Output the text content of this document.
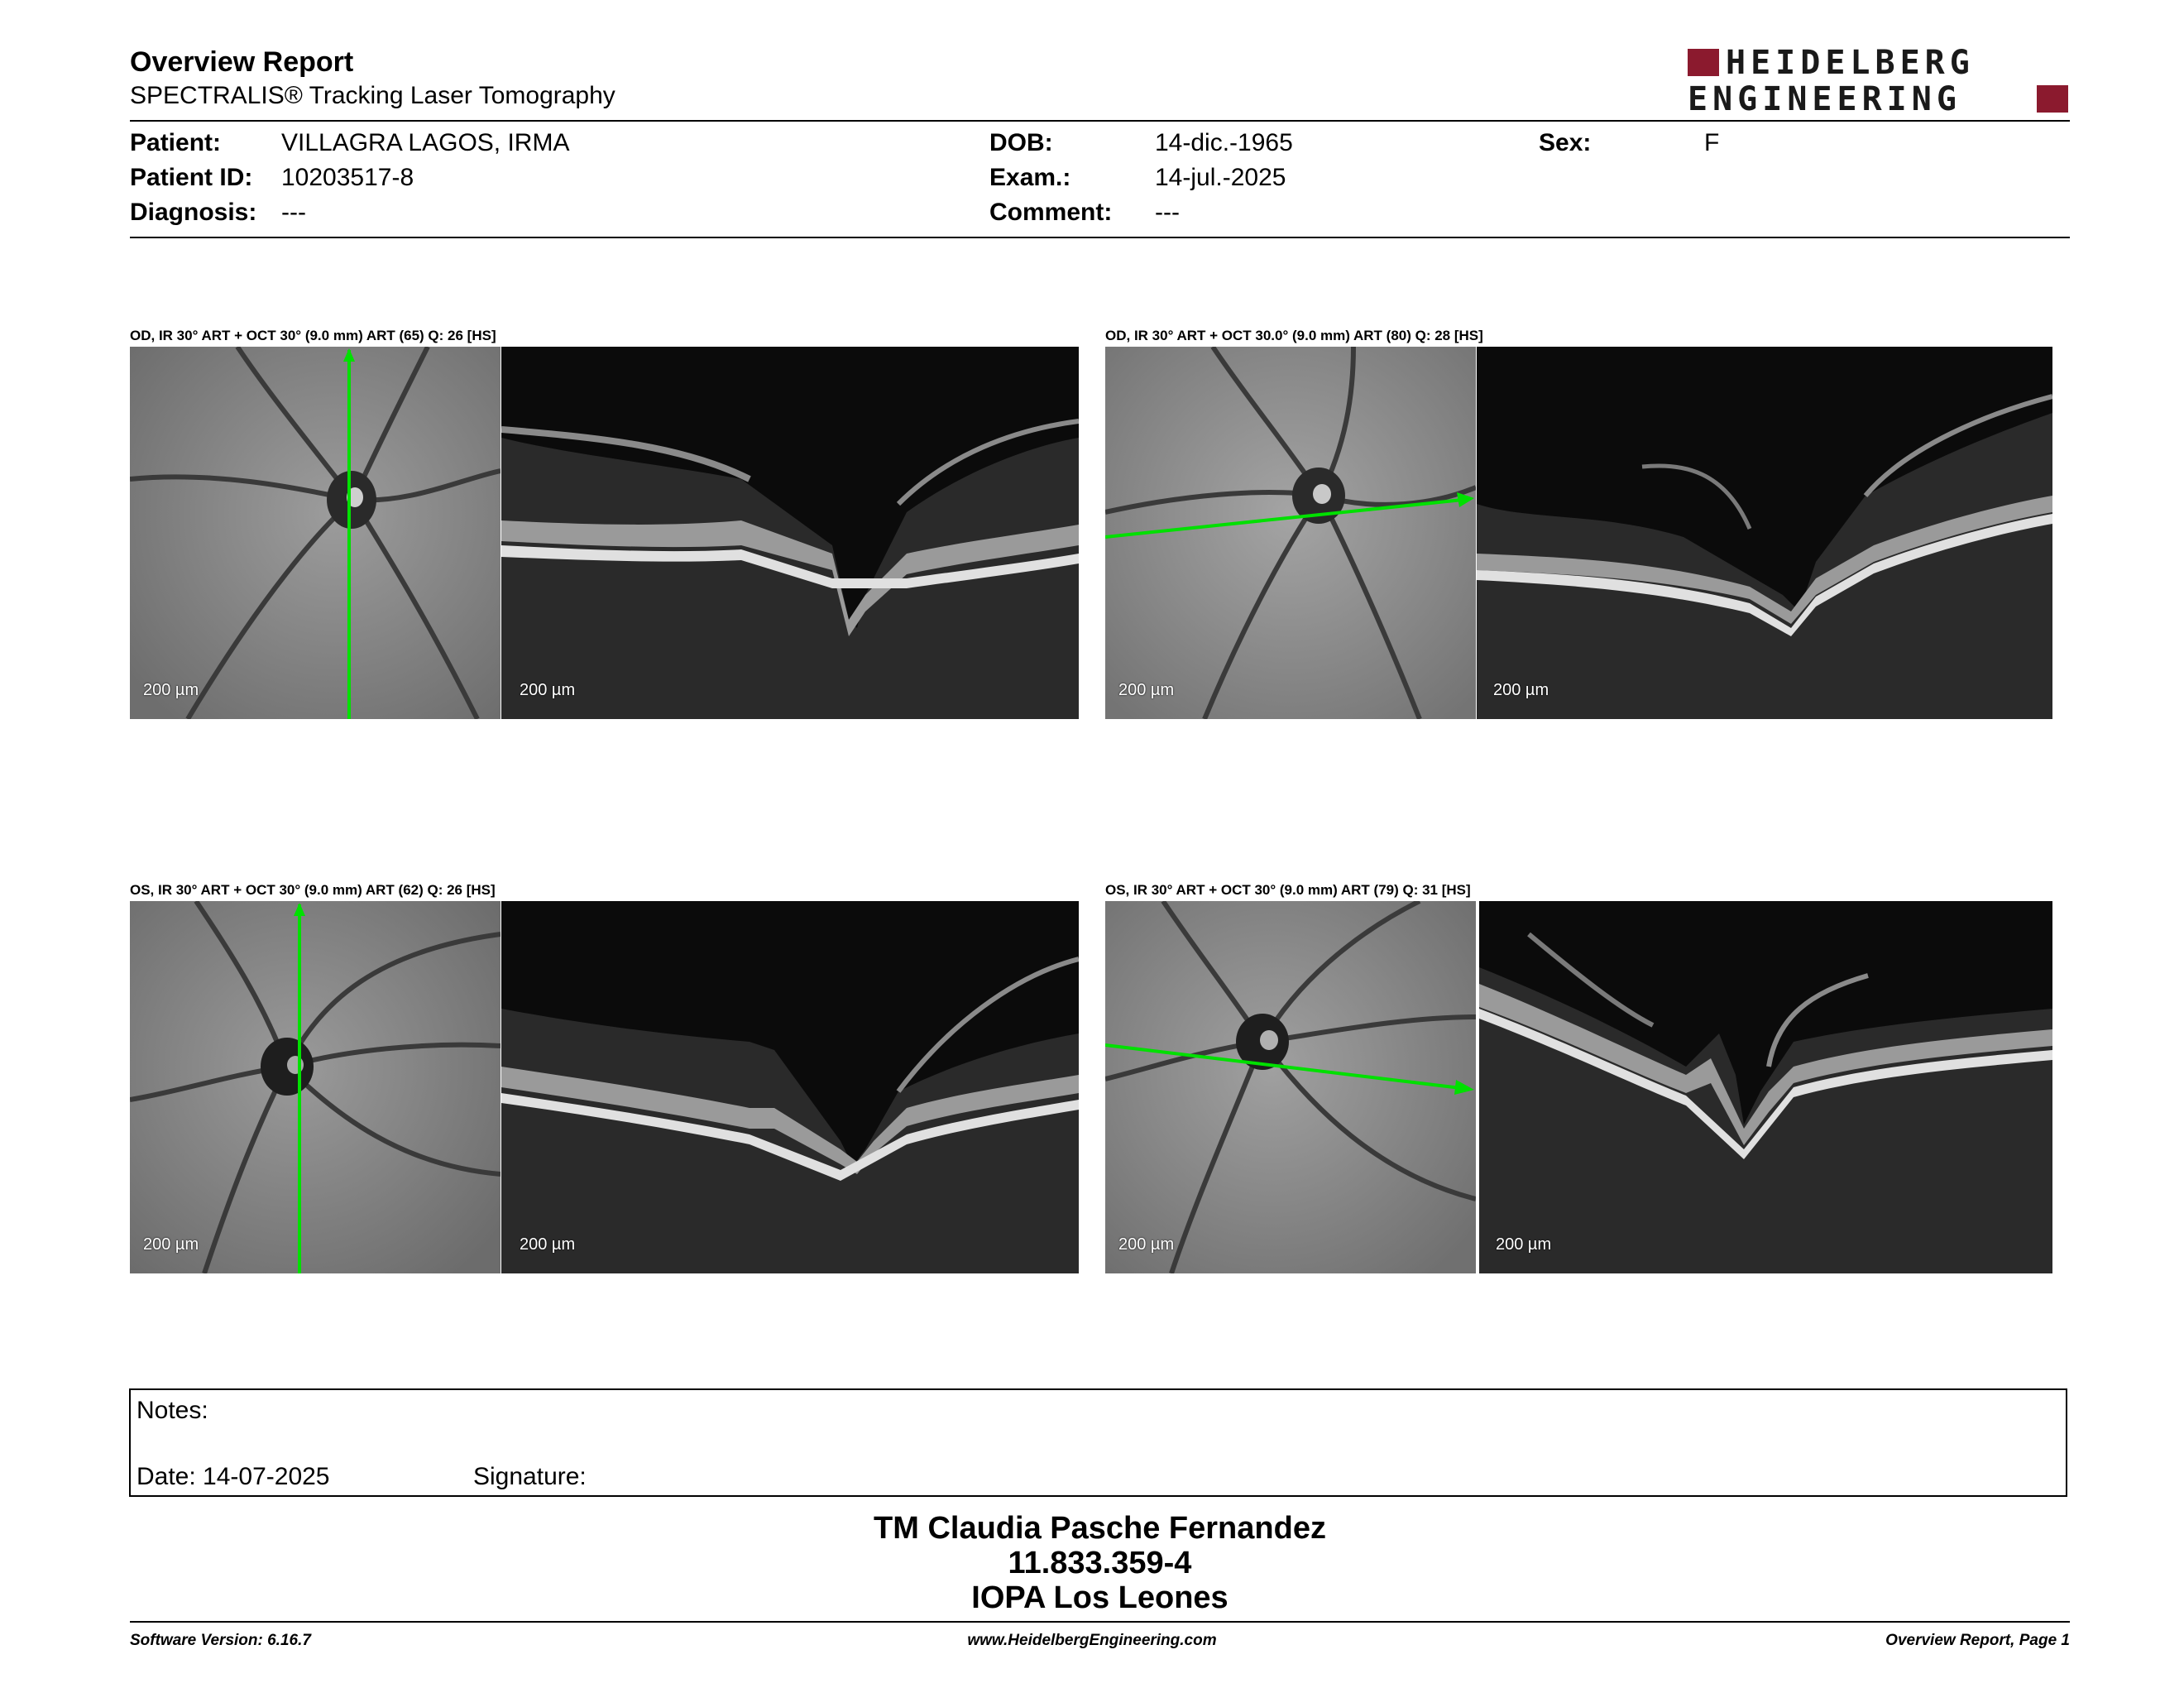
Overview Report
SPECTRALIS® Tracking Laser Tomography
HEIDELBERG
ENGINEERING
Patient: VILLAGRA LAGOS, IRMA
Patient ID: 10203517-8
Diagnosis: ---
DOB:	14-dic.-1965
Exam.:	14-jul.-2025
Comment: ---
Sex:	F
OD, IR 30° ART + OCT 30° (9.0 mm) ART (65) Q: 26 [HS]
200 µm	200 µm
OD, IR 30° ART + OCT 30.0° (9.0 mm) ART (80) Q: 28 [HS]
200 µm	200 µm
OS, IR 30° ART + OCT 30° (9.0 mm) ART (62) Q: 26 [HS]
200 µm	200 µm
OS, IR 30° ART + OCT 30° (9.0 mm) ART (79) Q: 31 [HS]
200 µm	200 µm
Notes:
Date: 14-07-2025	Signature:
TM Claudia Pasche Fernandez
11.833.359-4
IOPA Los Leones
Software Version: 6.16.7	www.HeidelbergEngineering.com	Overview Report, Page 1
